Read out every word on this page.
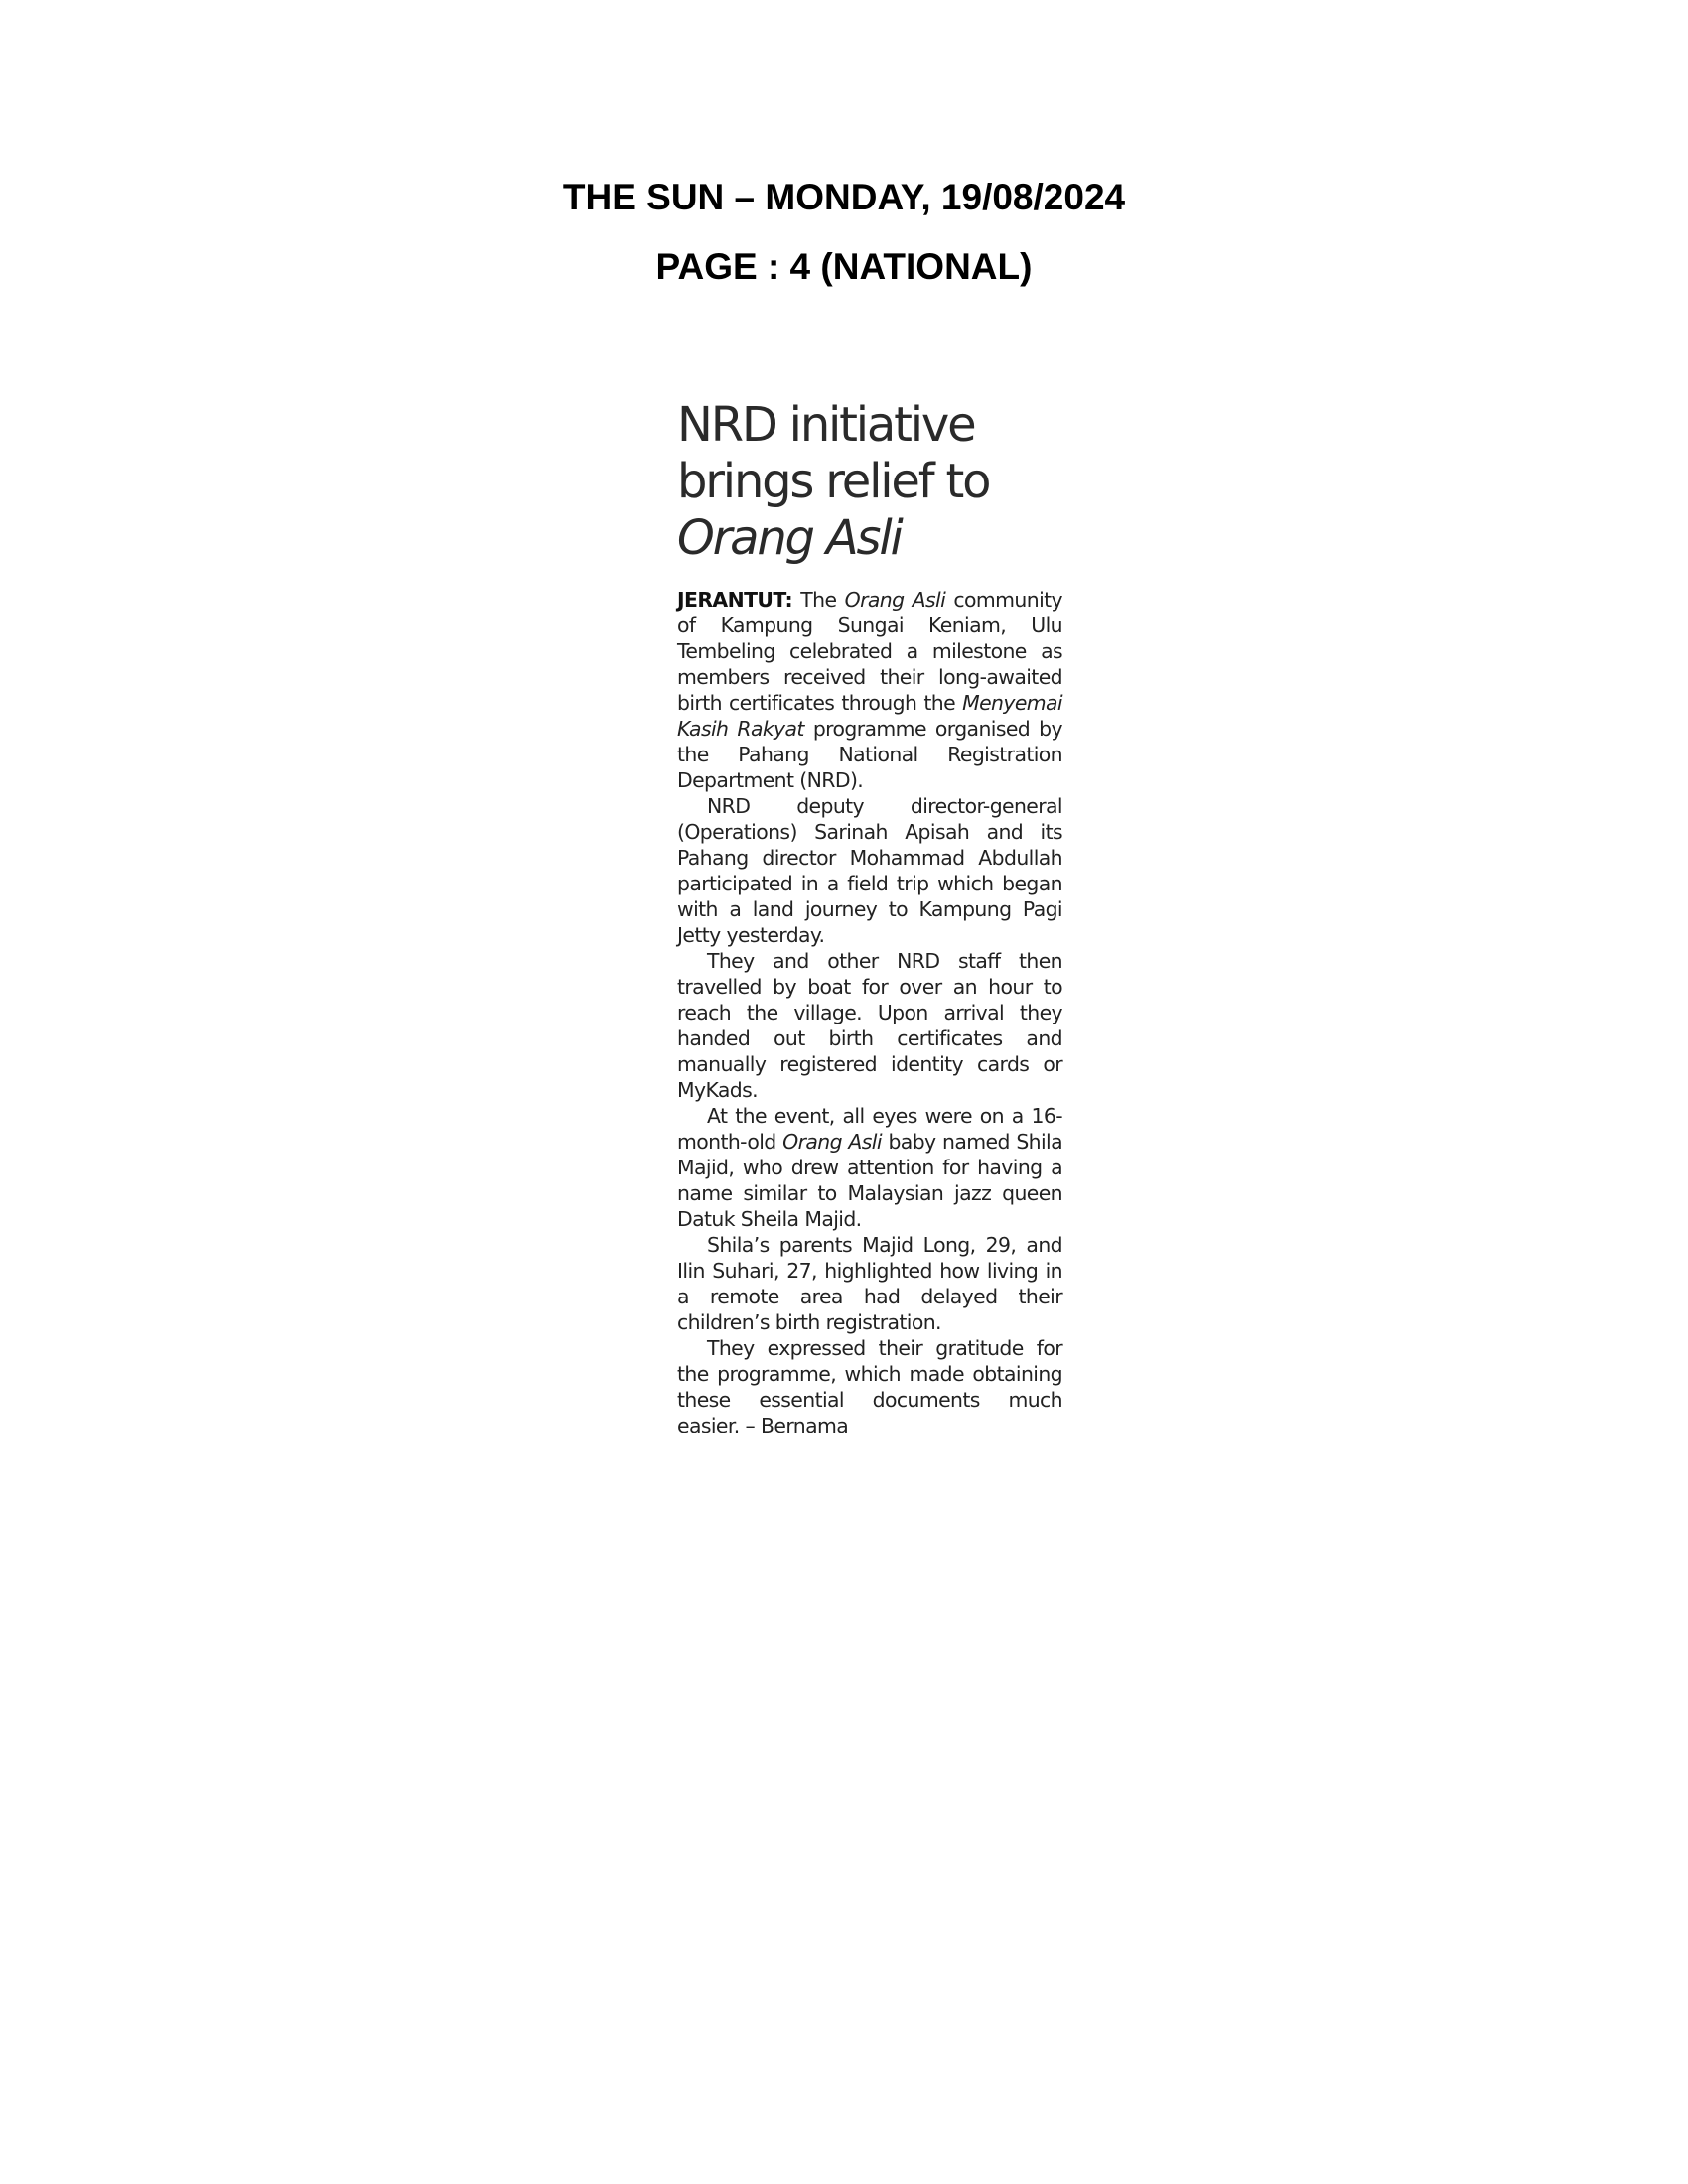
THE SUN – MONDAY, 19/08/2024
PAGE : 4 (NATIONAL)
NRD initiative
brings relief to
Orang Asli

JERANTUT: The Orang Asli community of Kampung Sungai Keniam, Ulu Tembeling celebrated a milestone as members received their long-awaited birth certificates through the Menyemai Kasih Rakyat programme organised by the Pahang National Registration Department (NRD).

NRD deputy director-general (Operations) Sarinah Apisah and its Pahang director Mohammad Abdullah participated in a field trip which began with a land journey to Kampung Pagi Jetty yesterday.

They and other NRD staff then travelled by boat for over an hour to reach the village. Upon arrival they handed out birth certificates and manually registered identity cards or MyKads.

At the event, all eyes were on a 16-month-old Orang Asli baby named Shila Majid, who drew attention for having a name similar to Malaysian jazz queen Datuk Sheila Majid.

Shila’s parents Majid Long, 29, and Ilin Suhari, 27, highlighted how living in a remote area had delayed their children’s birth registration.

They expressed their gratitude for the programme, which made obtaining these essential documents much easier. – Bernama
